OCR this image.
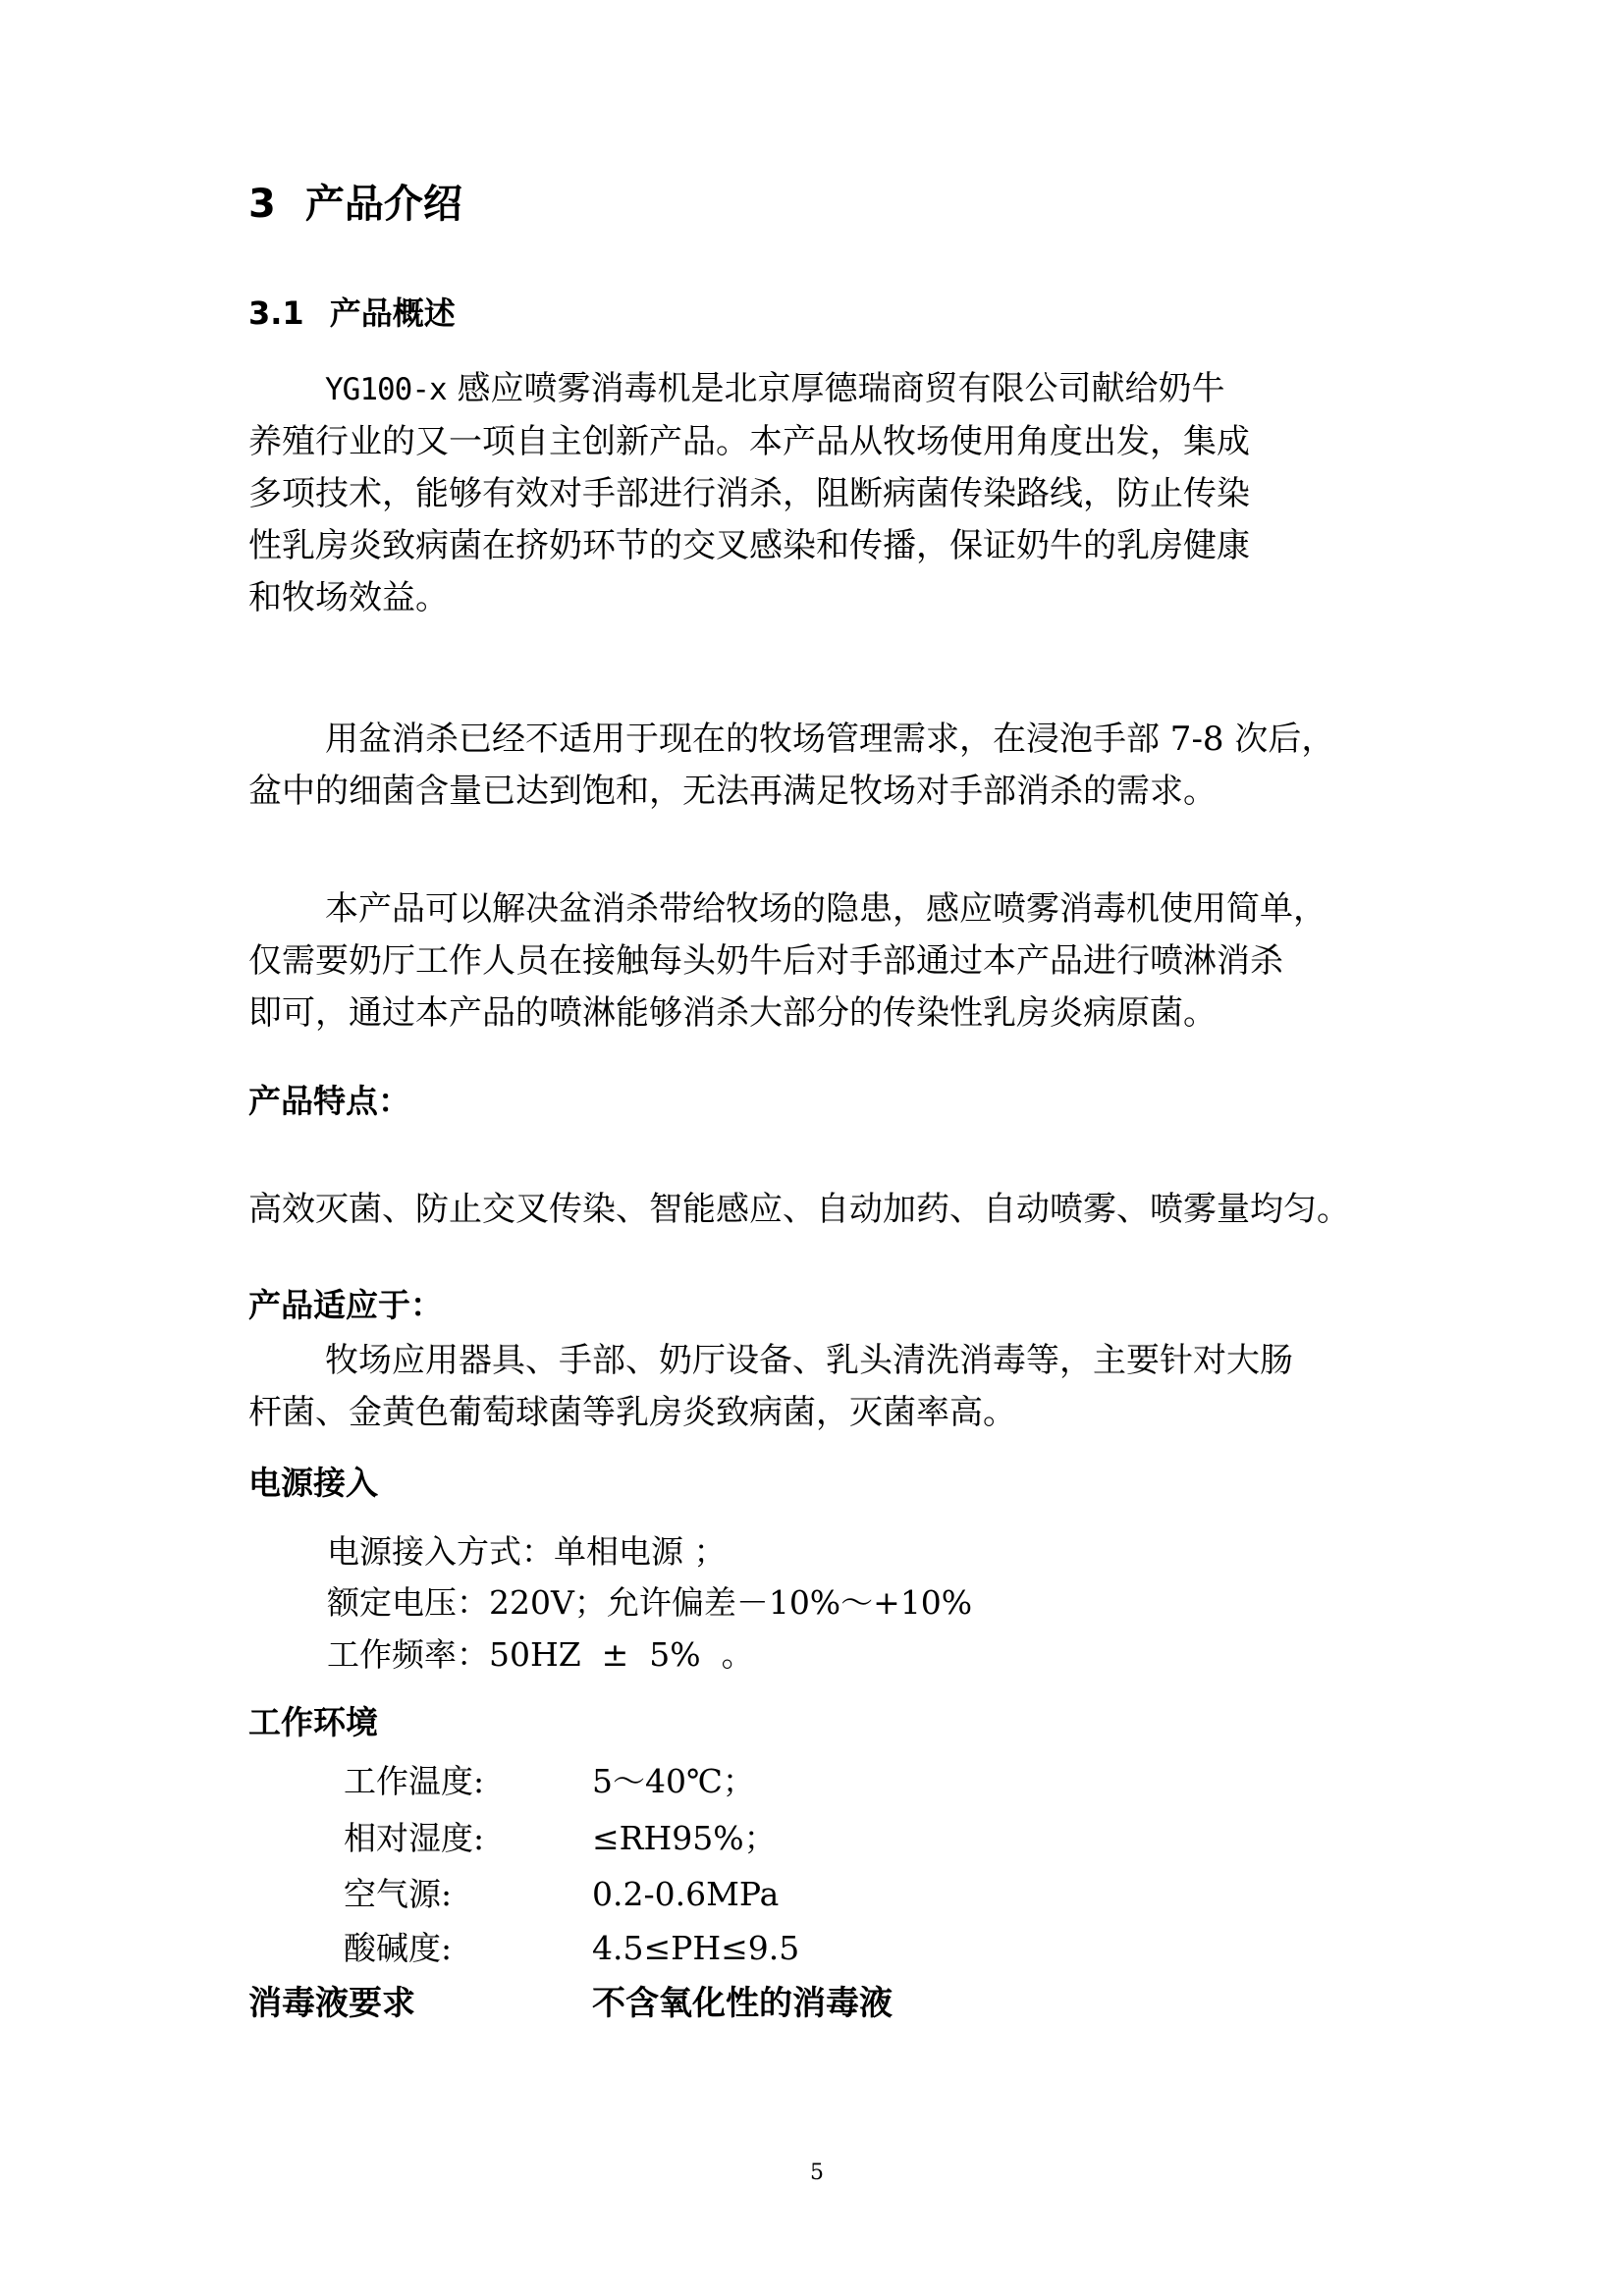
3 产品介绍
3.1 产品概述
YG100-x 感应喷雾消毒机是北京厚德瑞商贸有限公司献给奶牛
养殖行业的又一项自主创新产品。本产品从牧场使用角度出发，集成
多项技术，能够有效对手部进行消杀，阻断病菌传染路线，防止传染
性乳房炎致病菌在挤奶环节的交叉感染和传播，保证奶牛的乳房健康
和牧场效益。
用盆消杀已经不适用于现在的牧场管理需求，在浸泡手部 7-8 次后，
盆中的细菌含量已达到饱和，无法再满足牧场对手部消杀的需求。
本产品可以解决盆消杀带给牧场的隐患，感应喷雾消毒机使用简单，
仅需要奶厅工作人员在接触每头奶牛后对手部通过本产品进行喷淋消杀
即可，通过本产品的喷淋能够消杀大部分的传染性乳房炎病原菌。
产品特点：
高效灭菌、防止交叉传染、智能感应、自动加药、自动喷雾、喷雾量均匀。
产品适应于：
牧场应用器具、手部、奶厅设备、乳头清洗消毒等，主要针对大肠
杆菌、金黄色葡萄球菌等乳房炎致病菌，灭菌率高。
电源接入
电源接入方式：单相电源 ；
额定电压：220V；允许偏差－10%～+10%
工作频率：50HZ  ±  5%  。
工作环境
工作温度:	5～40℃；
相对湿度:	≤RH95%；
空气源:	0.2-0.6MPa
酸碱度:	4.5≤PH≤9.5
消毒液要求	不含氧化性的消毒液
5
